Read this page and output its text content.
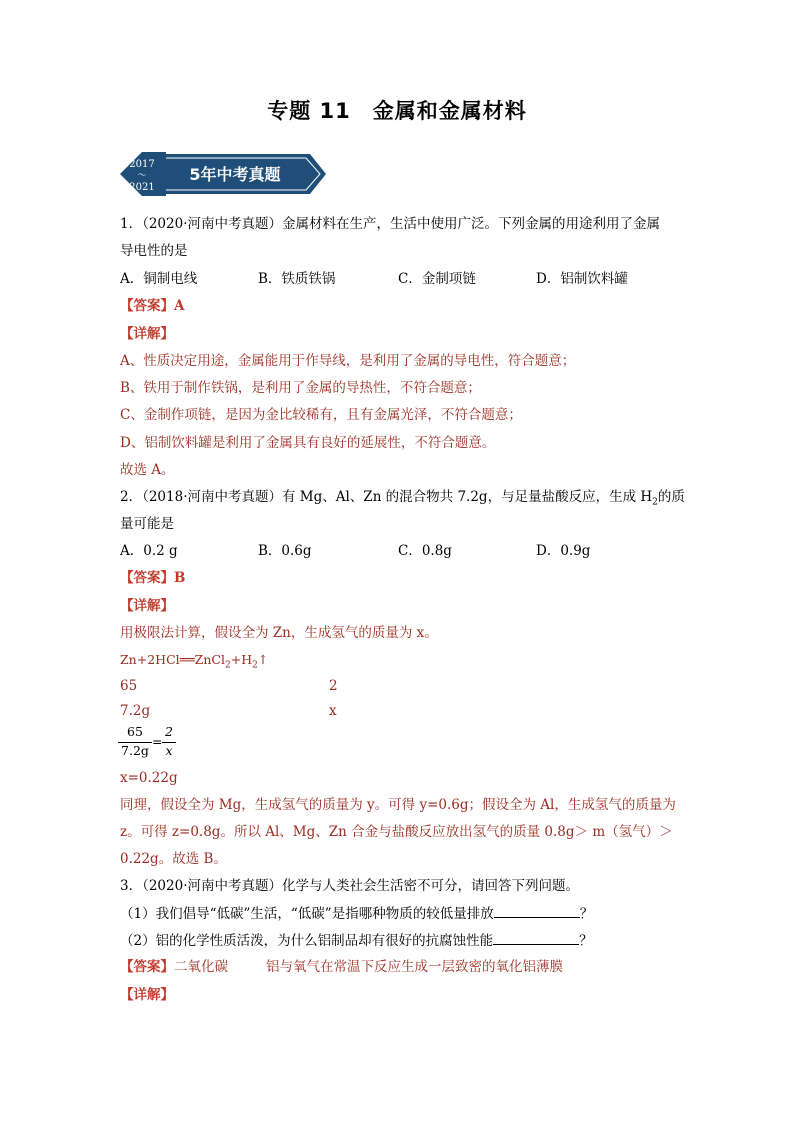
专题 11　金属和金属材料
2017
～
2021
5年中考真题
1．（2020·河南中考真题）金属材料在生产，生活中使用广泛。下列金属的用途利用了金属
导电性的是
A．铜制电线	B．铁质铁锅	C．金制项链	D．铝制饮料罐
【答案】A
【详解】
A、性质决定用途，金属能用于作导线，是利用了金属的导电性，符合题意；
B、铁用于制作铁锅，是利用了金属的导热性，不符合题意；
C、金制作项链，是因为金比较稀有，且有金属光泽，不符合题意；
D、铝制饮料罐是利用了金属具有良好的延展性，不符合题意。
故选 A。
2．（2018·河南中考真题）有 Mg、Al、Zn 的混合物共 7.2g，与足量盐酸反应，生成 $H_2$的质
量可能是
A．0.2 g	B．0.6g	C．0.8g	D．0.9g
【答案】B
【详解】
用极限法计算，假设全为 Zn，生成氢气的质量为 x。
$Zn+2HCl══ZnCl_2+H_2↑$
65	2
7.2g	x
65
7.2g
=
2
x
x=0.22g
同理，假设全为 Mg，生成氢气的质量为 y。可得 y=0.6g；假设全为 Al，生成氢气的质量为
z。可得 z=0.8g。所以 Al、Mg、Zn 合金与盐酸反应放出氢气的质量 0.8g＞ m（氢气）＞
0.22g。故选 B。
3．（2020·河南中考真题）化学与人类社会生活密不可分，请回答下列问题。
（1）我们倡导“低碳”生活，“低碳”是指哪种物质的较低量排放	？
（2）铝的化学性质活泼，为什么铝制品却有很好的抗腐蚀性能	？
【答案】二氧化碳	铝与氧气在常温下反应生成一层致密的氧化铝薄膜
【详解】
